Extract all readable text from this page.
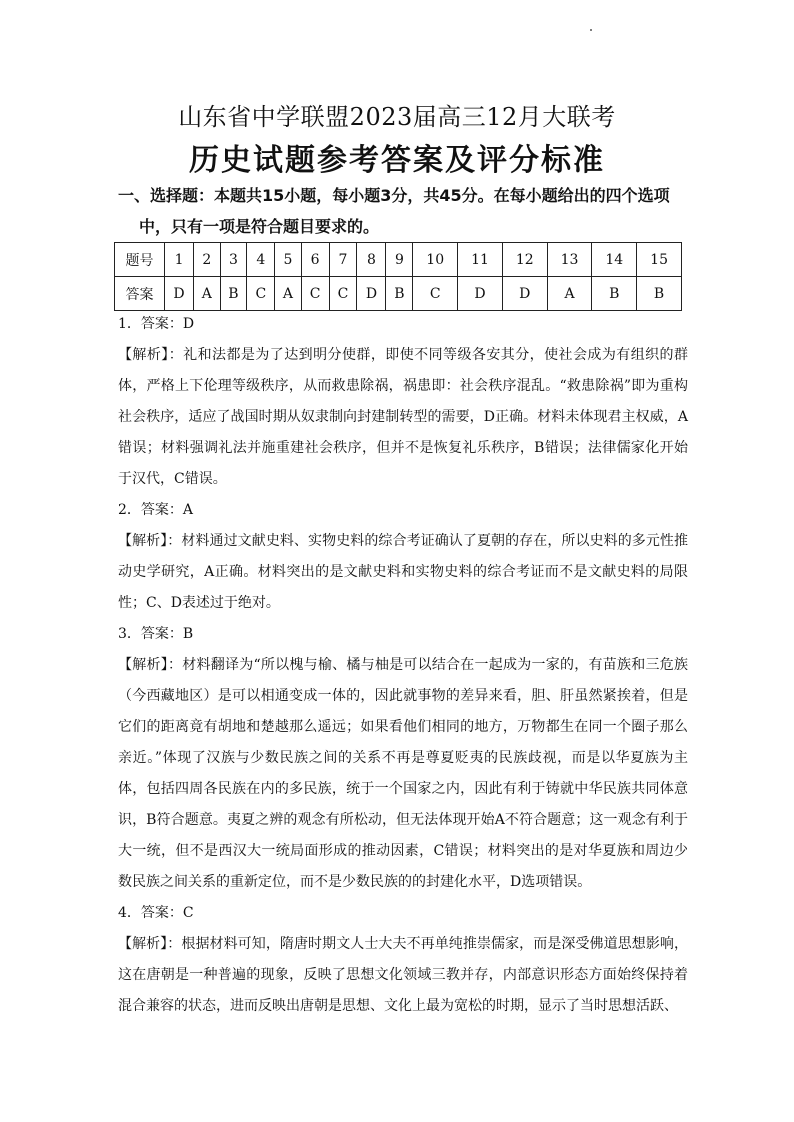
山东省中学联盟2023届高三12月大联考
历史试题参考答案及评分标准
一、选择题：本题共15小题，每小题3分，共45分。在每小题给出的四个选项
中，只有一项是符合题目要求的。
题号	1	2	3	4	5	6	7	8	9	10	11	12	13	14	15
答案	D	A	B	C	A	C	C	D	B	C	D	D	A	B	B

1．答案：D

【解析】：礼和法都是为了达到明分使群，即使不同等级各安其分，使社会成为有组织的群体，严格上下伦理等级秩序，从而救患除祸，祸患即：社会秩序混乱。“救患除祸”即为重构社会秩序，适应了战国时期从奴隶制向封建制转型的需要，D正确。材料未体现君主权威，A错误；材料强调礼法并施重建社会秩序，但并不是恢复礼乐秩序，B错误；法律儒家化开始于汉代，C错误。

2．答案：A

【解析】：材料通过文献史料、实物史料的综合考证确认了夏朝的存在，所以史料的多元性推动史学研究，A正确。材料突出的是文献史料和实物史料的综合考证而不是文献史料的局限性；C、D表述过于绝对。

3．答案：B

【解析】：材料翻译为“所以槐与榆、橘与柚是可以结合在一起成为一家的，有苗族和三危族（今西藏地区）是可以相通变成一体的，因此就事物的差异来看，胆、肝虽然紧挨着，但是它们的距离竟有胡地和楚越那么遥远；如果看他们相同的地方，万物都生在同一个圈子那么亲近。”体现了汉族与少数民族之间的关系不再是尊夏贬夷的民族歧视，而是以华夏族为主体，包括四周各民族在内的多民族，统于一个国家之内，因此有利于铸就中华民族共同体意识，B符合题意。夷夏之辨的观念有所松动，但无法体现开始A不符合题意；这一观念有利于大一统，但不是西汉大一统局面形成的推动因素，C错误；材料突出的是对华夏族和周边少数民族之间关系的重新定位，而不是少数民族的的封建化水平，D选项错误。

4．答案：C

【解析】：根据材料可知，隋唐时期文人士大夫不再单纯推崇儒家，而是深受佛道思想影响，这在唐朝是一种普遍的现象，反映了思想文化领域三教并存，内部意识形态方面始终保持着混合兼容的状态，进而反映出唐朝是思想、文化上最为宽松的时期，显示了当时思想活跃、
